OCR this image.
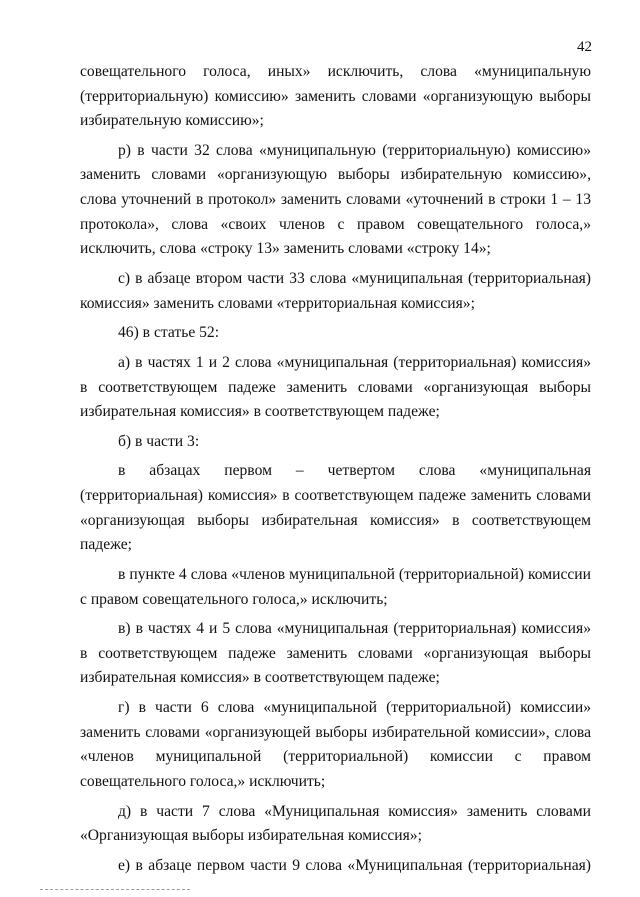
42

совещательного голоса, иных» исключить, слова «муниципальную (территориальную) комиссию» заменить словами «организующую выборы избирательную комиссию»;

р) в части 32 слова «муниципальную (территориальную) комиссию» заменить словами «организующую выборы избирательную комиссию», слова уточнений в протокол» заменить словами «уточнений в строки 1 – 13 протокола», слова «своих членов с правом совещательного голоса,» исключить, слова «строку 13» заменить словами «строку 14»;

с) в абзаце втором части 33 слова «муниципальная (территориальная) комиссия» заменить словами «территориальная комиссия»;

46) в статье 52:

а) в частях 1 и 2 слова «муниципальная (территориальная) комиссия» в соответствующем падеже заменить словами «организующая выборы избирательная комиссия» в соответствующем падеже;

б) в части 3:

в абзацах первом – четвертом слова «муниципальная (территориальная) комиссия» в соответствующем падеже заменить словами «организующая выборы избирательная комиссия» в соответствующем падеже;

в пункте 4 слова «членов муниципальной (территориальной) комиссии с правом совещательного голоса,» исключить;

в) в частях 4 и 5 слова «муниципальная (территориальная) комиссия» в соответствующем падеже заменить словами «организующая выборы избирательная комиссия» в соответствующем падеже;

г) в части 6 слова «муниципальной (территориальной) комиссии» заменить словами «организующей выборы избирательной комиссии», слова «членов муниципальной (территориальной) комиссии с правом совещательного голоса,» исключить;

д) в части 7 слова «Муниципальная комиссия» заменить словами «Организующая выборы избирательная комиссия»;

е) в абзаце первом части 9 слова «Муниципальная (территориальная)
